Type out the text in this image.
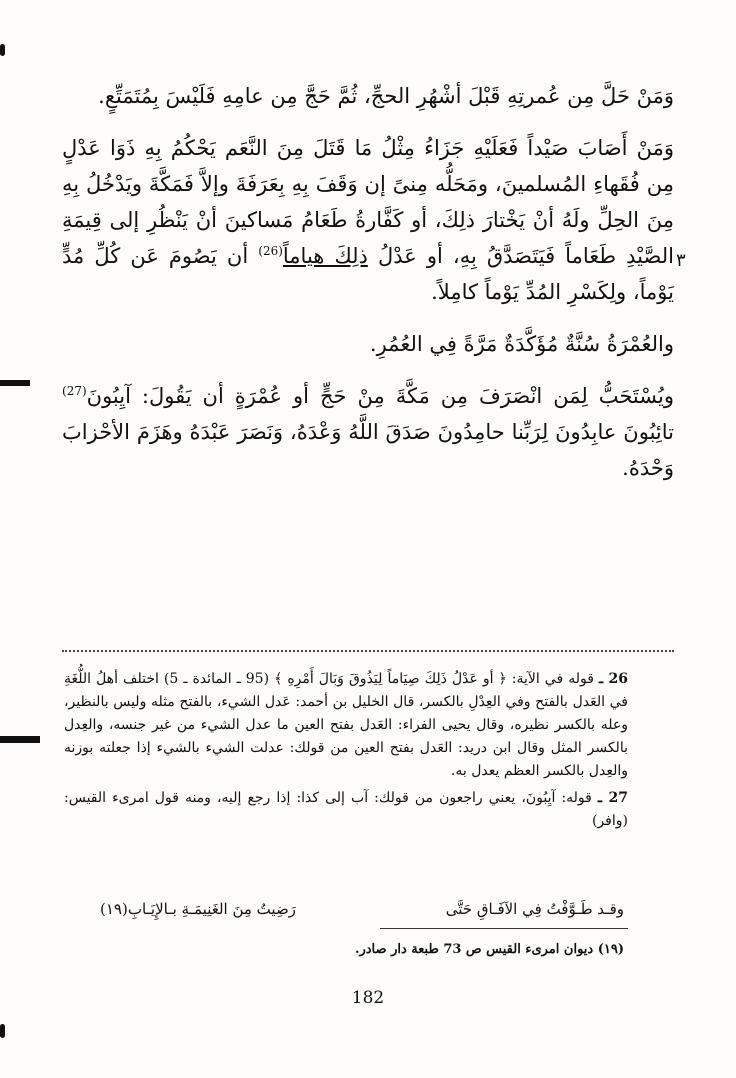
وَمَنْ حَلَّ مِن عُمرتِهِ قَبْلَ أشْهُرِ الحجِّ، ثُمَّ حَجَّ مِن عامِهِ فَلَيْسَ بِمُتَمَتِّعٍ.

وَمَنْ أَصَابَ صَيْداً فَعَلَيْهِ جَزَاءُ مِثْلُ مَا قَتَلَ مِنَ النَّعَم يَحْكُمُ بِهِ ذَوَا عَدْلٍ مِن فُقَهاءِ المُسلمينَ، ومَحَلُّه مِنىً إن وَقَفَ بِهِ بِعَرَفَةَ وإلاَّ فَمَكَّةَ ويَدْخُلُ بِهِ مِنَ الحِلِّ ولَهُ أنْ يَخْتارَ ذلِكَ، أو كَفَّارةُ طَعَامُ مَساكينَ أنْ يَنْظُرِ إلى قِيمَةِ الصَّيْدِ طَعَاماً فَيَتَصَدَّقُ بِهِ، أو عَدْلُ ذلِكَ هياماً$^{(26)}$ أن يَصُومَ عَن كُلِّ مُدٍّ يَوْماً، ولِكَسْرِ المُدِّ يَوْماً كامِلاً.

والعُمْرَةُ سُنَّةٌ مُؤَكَّدَةٌ مَرَّةً فِي العُمُرِ.

ويُسْتَحَبُّ لِمَن انْصَرَفَ مِن مَكَّةَ مِنْ حَجٍّ أو عُمْرَةٍ أن يَقُولَ: آيِبُونَ$^{(27)}$ تائِبُونَ عابِدُونَ لِرَبِّنا حامِدُونَ صَدَقَ اللَّهُ وَعْدَهُ، وَنَصَرَ عَبْدَهُ وهَزَمَ الأحْزابَ وَحْدَهُ.

٣

26 ـ قوله في الآية: ﴿ أو عَدْلُ ذَلِكَ صِيَاماً لِيَذُوقَ وَبَالَ أَمْرِهِ ﴾ (95 ـ المائدة ـ 5) اختلف أهلُ اللُّغَةِ في العَدل بالفتح وفي العِدْلِ بالكسر، قال الخليل بن أحمد: عَدل الشيء، بالفتح مثله وليس بالنظير، وعله بالكسر نظيره، وقال يحيى الفراء: العَدل بفتح العين ما عدل الشيء من غير جنسه، والعِدل بالكسر المثل وقال ابن دريد: العَدل بفتح العين من قولك: عدلت الشيء بالشيء إذا جعلته بوزنه والعِدل بالكسر العظم يعدل به.

27 ـ قوله: آيِبُونَ، يعني راجعون من قولك: آب إلى كذا: إذا رجع إليه، ومنه قول امرىء القيس: (وافر)

وقـد طَـوَّفْتُ فِي الآفَـاقِ حَتَّى
رَضِيتُ مِنَ الغَنِيمَـةِ بـالإِيَـابِ(١٩)
(١٩) ديوان امرىء القيس ص 73 طبعة دار صادر.
182
